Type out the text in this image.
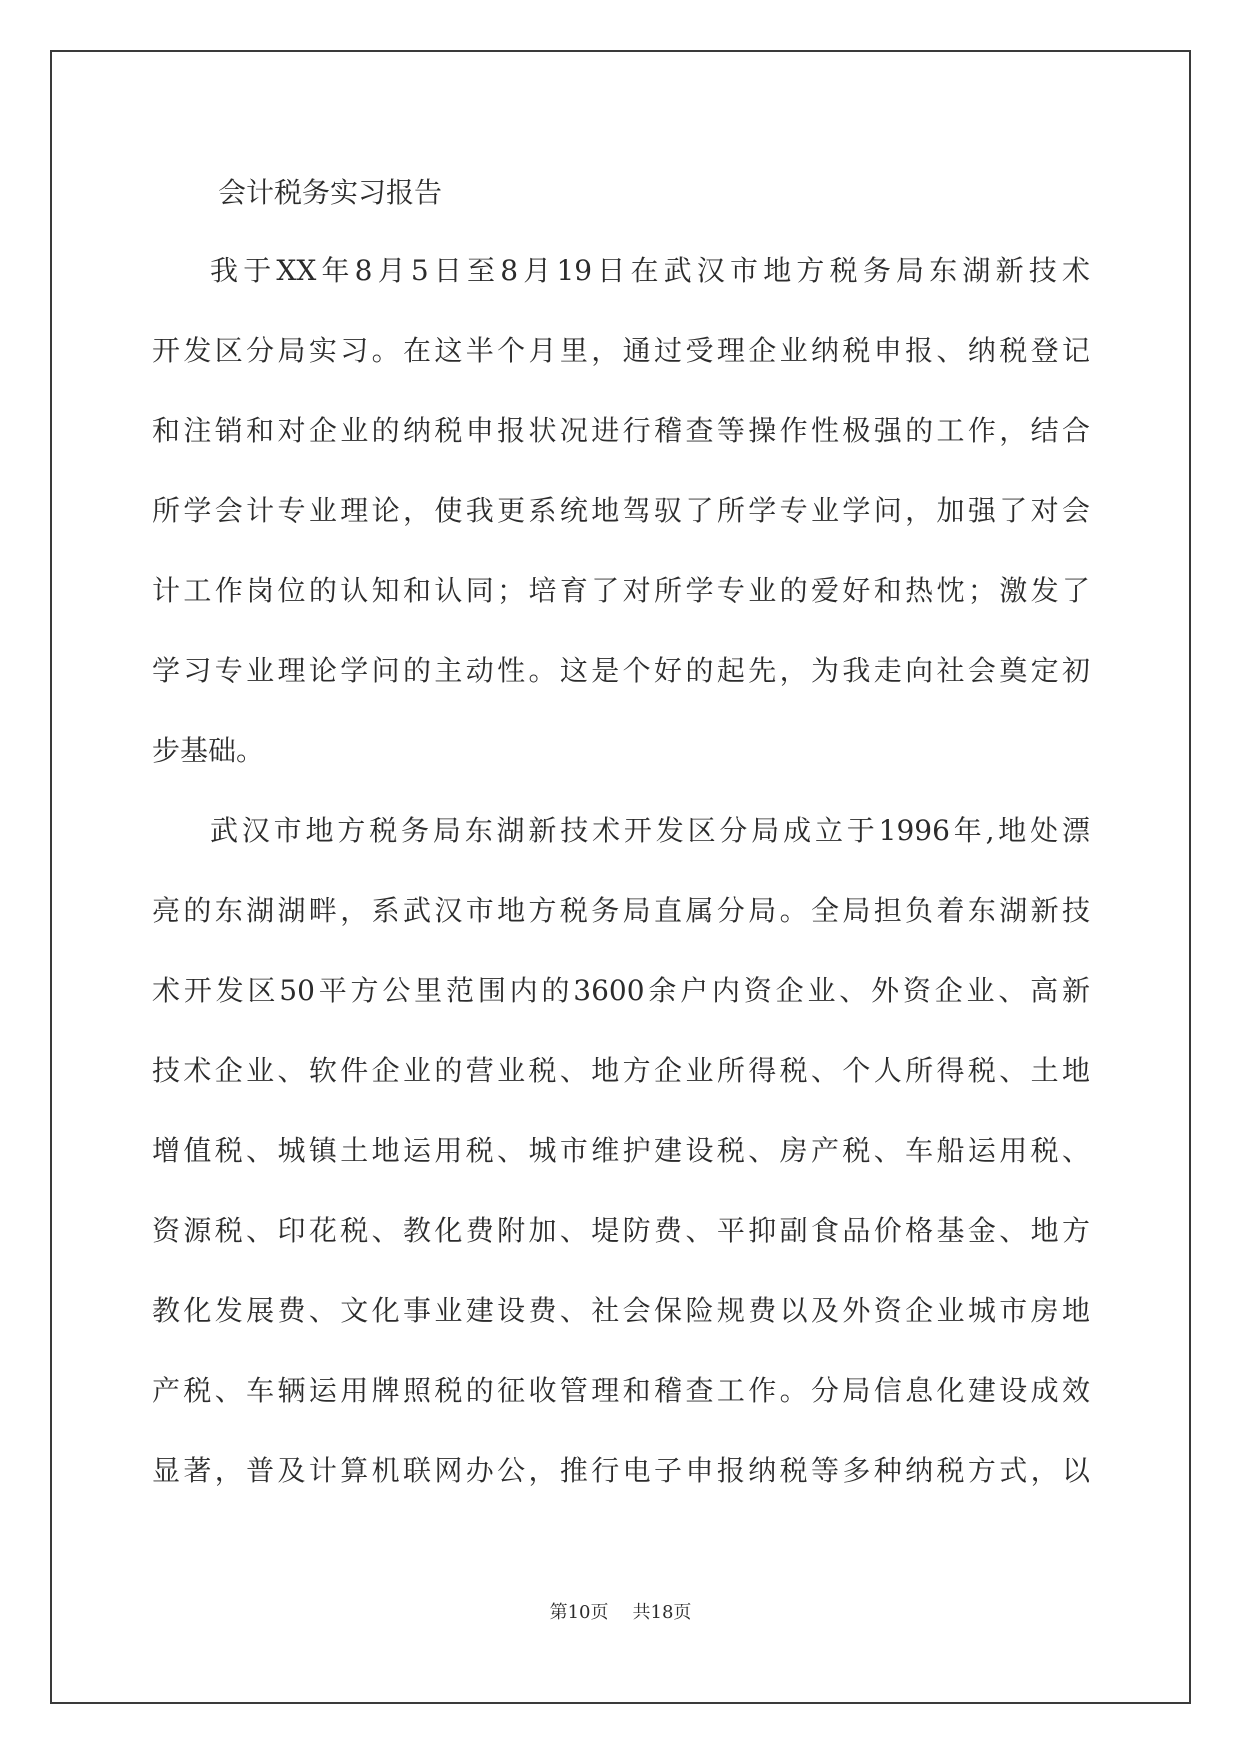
会计税务实习报告
我于XX年8月5日至8月19日在武汉市地方税务局东湖新技术
开发区分局实习。在这半个月里，通过受理企业纳税申报、纳税登记
和注销和对企业的纳税申报状况进行稽查等操作性极强的工作，结合
所学会计专业理论，使我更系统地驾驭了所学专业学问，加强了对会
计工作岗位的认知和认同；培育了对所学专业的爱好和热忱；激发了
学习专业理论学问的主动性。这是个好的起先，为我走向社会奠定初
步基础。
武汉市地方税务局东湖新技术开发区分局成立于1996年,地处漂
亮的东湖湖畔，系武汉市地方税务局直属分局。全局担负着东湖新技
术开发区50平方公里范围内的3600余户内资企业、外资企业、高新
技术企业、软件企业的营业税、地方企业所得税、个人所得税、土地
增值税、城镇土地运用税、城市维护建设税、房产税、车船运用税、
资源税、印花税、教化费附加、堤防费、平抑副食品价格基金、地方
教化发展费、文化事业建设费、社会保险规费以及外资企业城市房地
产税、车辆运用牌照税的征收管理和稽查工作。分局信息化建设成效
显著，普及计算机联网办公，推行电子申报纳税等多种纳税方式，以
第10页 共18页
